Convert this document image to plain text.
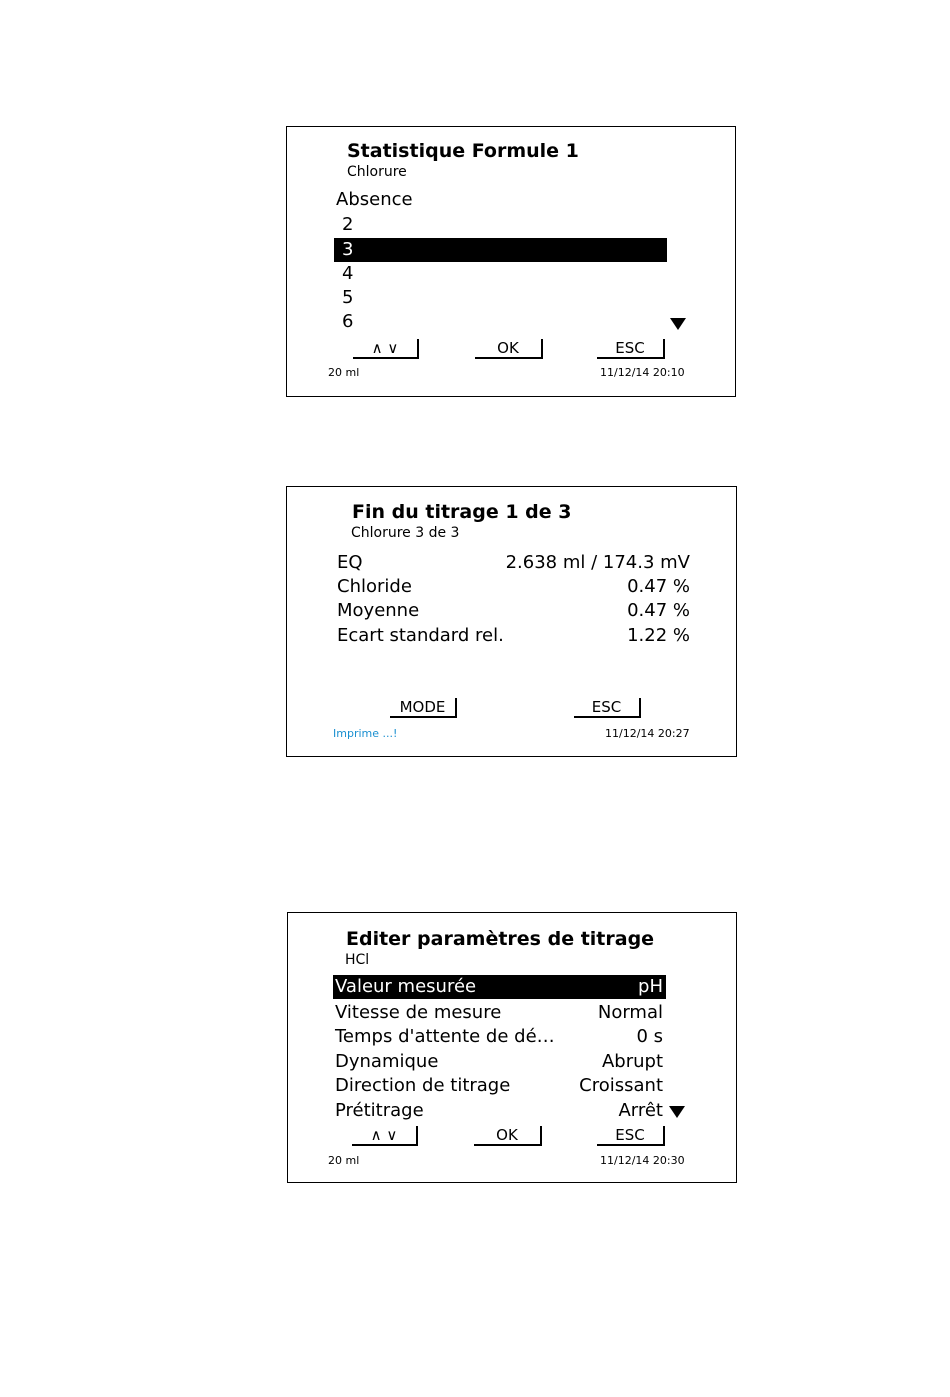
Statistique Formule 1
Chlorure
Absence
2
3
4
5
6
∧ ∨	OK	ESC
20 ml	11/12/14 20:10
Fin du titrage 1 de 3
Chlorure 3 de 3
EQ	2.638 ml / 174.3 mV
Chloride	0.47 %
Moyenne	0.47 %
Ecart standard rel.	1.22 %
MODE	ESC
Imprime ...!	11/12/14 20:27
Editer paramètres de titrage
HCl
Valeur mesurée	pH
Vitesse de mesure	Normal
Temps d'attente de dé…	0 s
Dynamique	Abrupt
Direction de titrage	Croissant
Prétitrage	Arrêt
∧ ∨	OK	ESC
20 ml	11/12/14 20:30
